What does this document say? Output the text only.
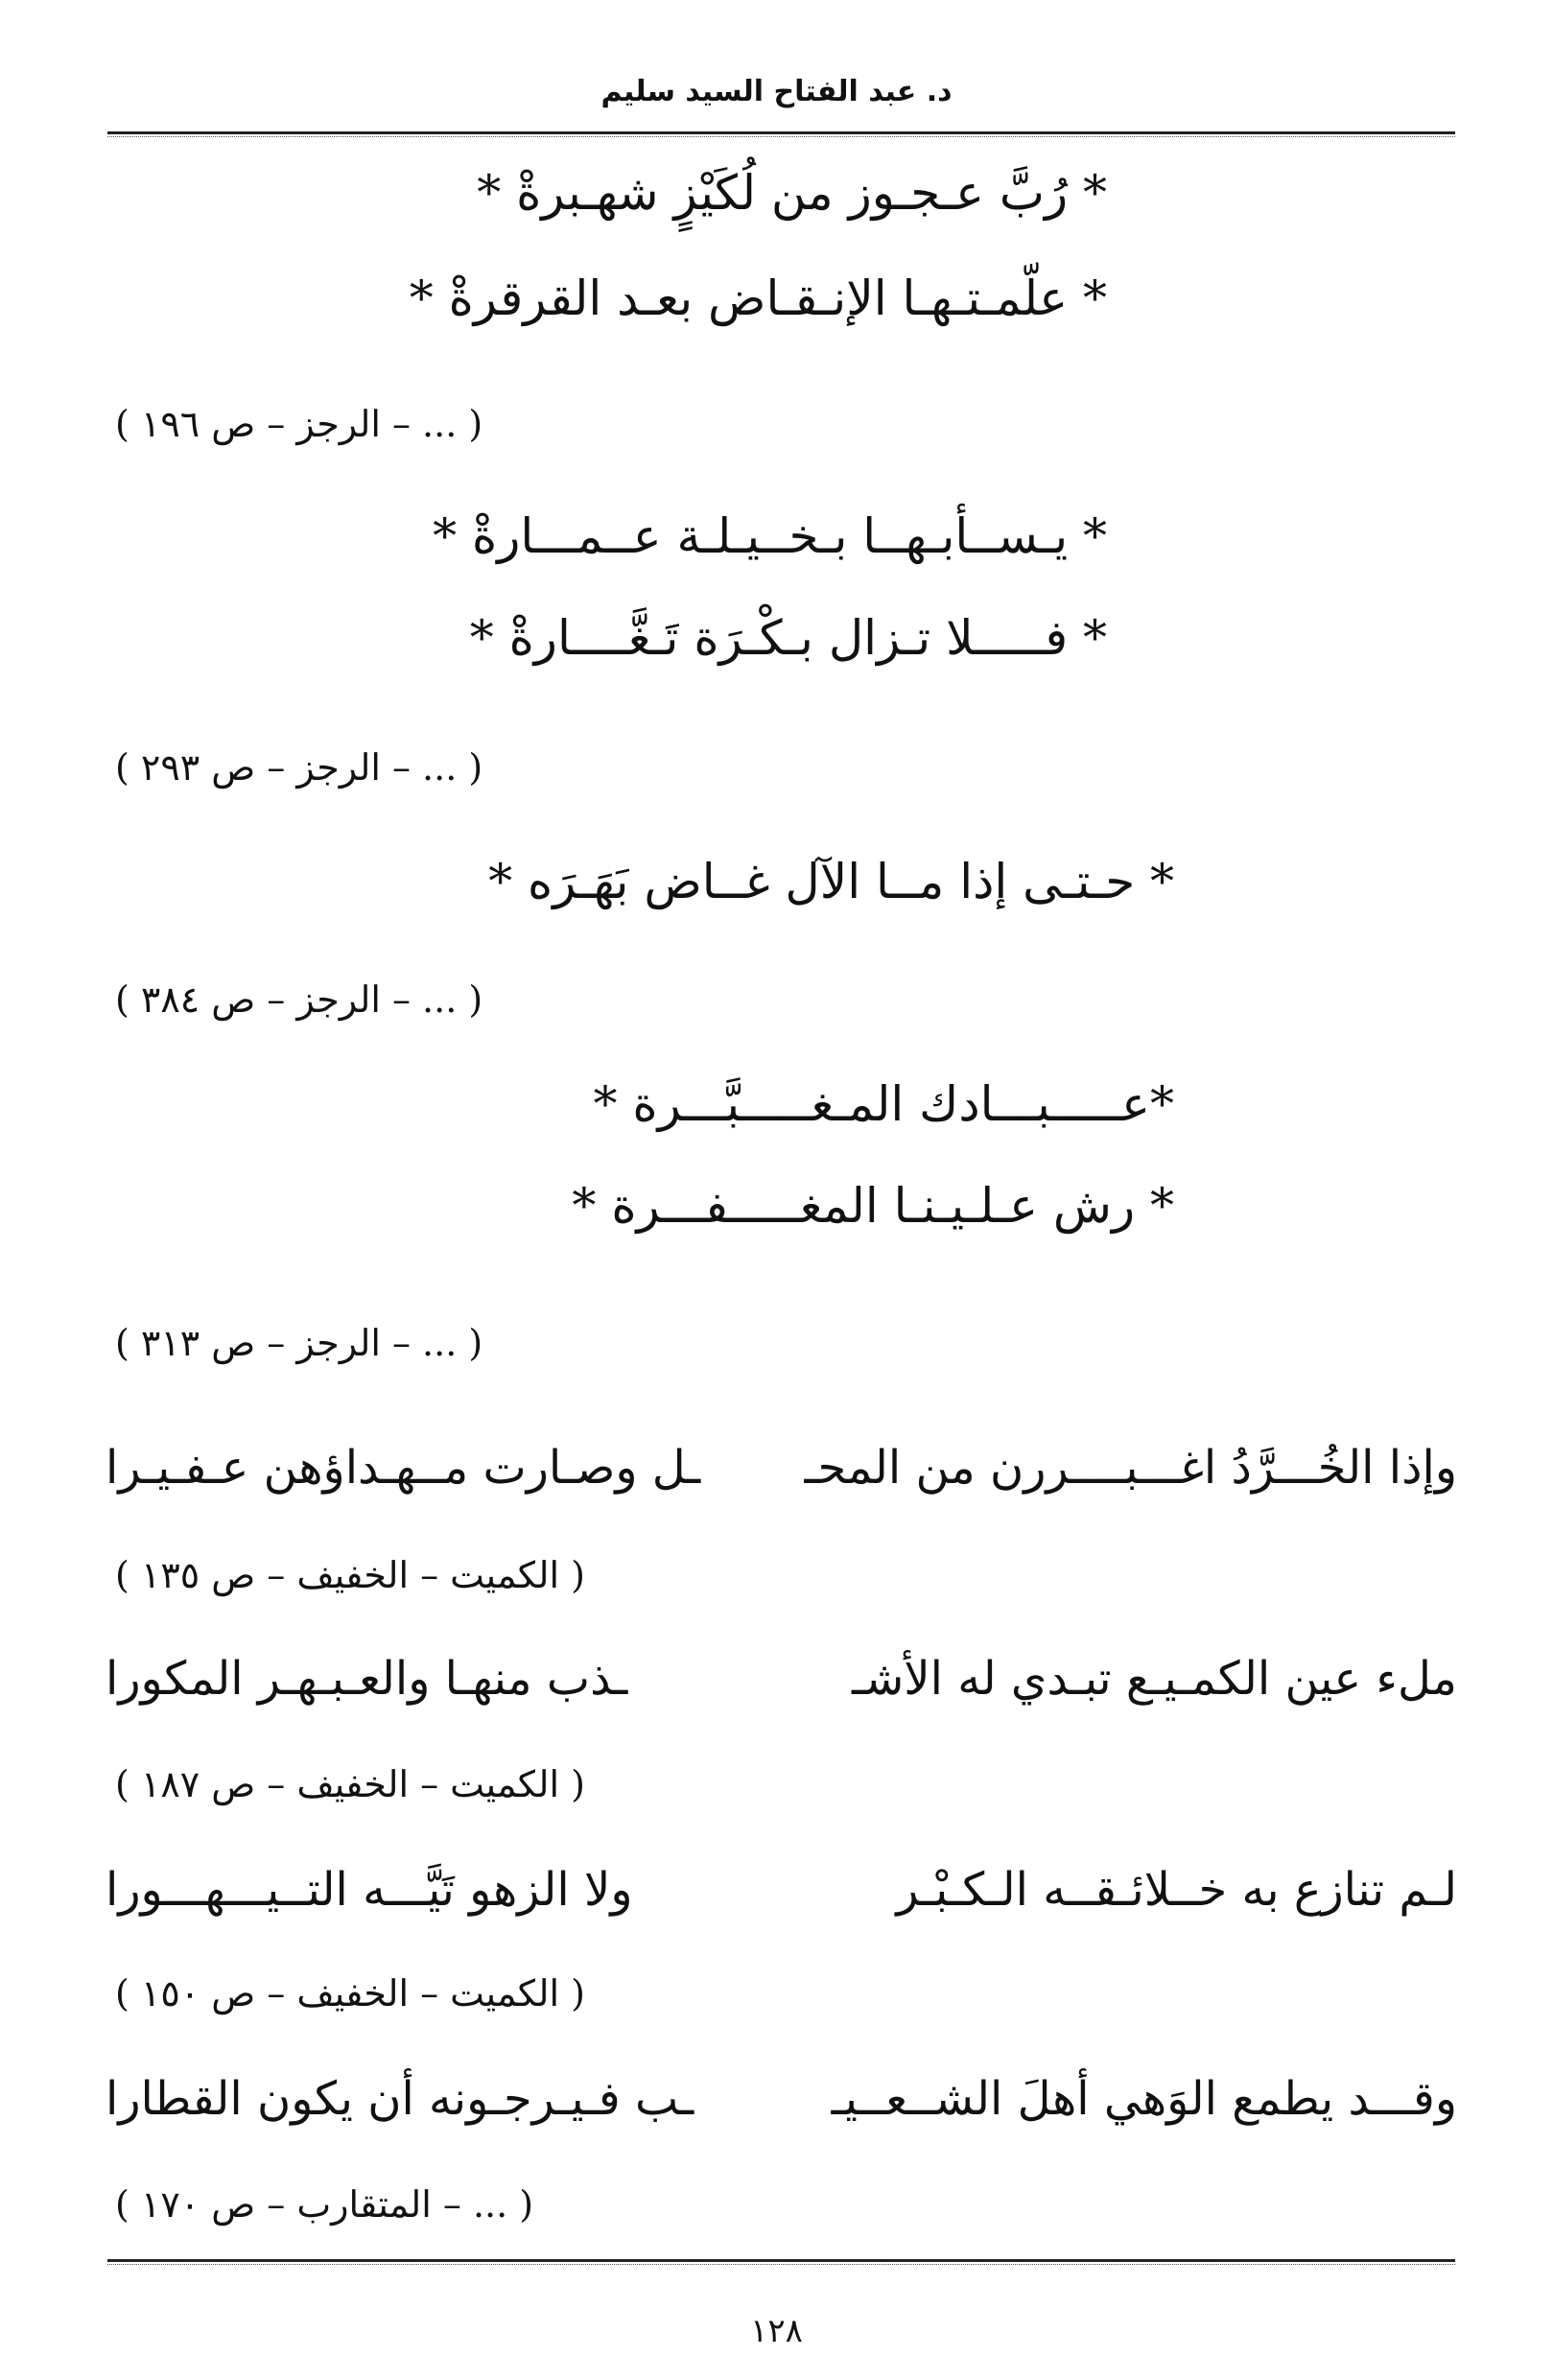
د. عبد الفتاح السيد سليم
* رُبَّ عـجـوز من لُكَيْزٍ شهـبرةْ *
* علّمـتـهـا الإنـقـاض بعـد القرقرةْ *
( ... – الرجز – ص ١٩٦ )
* يـســأبـهــا بـخــيـلـة عــمـــارةْ *
* فـــــلا تـزال بـكْـرَة تَـغَّــــارةْ *
( ... – الرجز – ص ٢٩٣ )
* حـتـى إذا مــا الآل غــاض بَهَـرَه *
( ... – الرجز – ص ٣٨٤ )
*عـــــبـــادك المـغـــــبَّـــرة *
* رش عـلـيـنـا المغـــــفـــرة *
( ... – الرجز – ص ٣١٣ )
وإذا الخُـــرَّدُ اغـــبــــررن من المحـ
ـل وصـارت مــهـداؤهن عـفـيـرا
( الكميت – الخفيف – ص ١٣٥ )
ملء عين الكمـيـع تبـدي له الأشـ
ـذب منهـا والعـبـهـر المكورا
( الكميت – الخفيف – ص ١٨٧ )
لـم تنازع به خــلائـقــه الـكـبْـر
ولا الزهو تَيَّـــه التــيـــهـــورا
( الكميت – الخفيف – ص ١٥٠ )
وقـــد يطمع الوَهي أهلَ الشــعــيـ
ـب فـيـرجـونه أن يكون القطارا
( ... – المتقارب – ص ١٧٠ )
١٢٨
